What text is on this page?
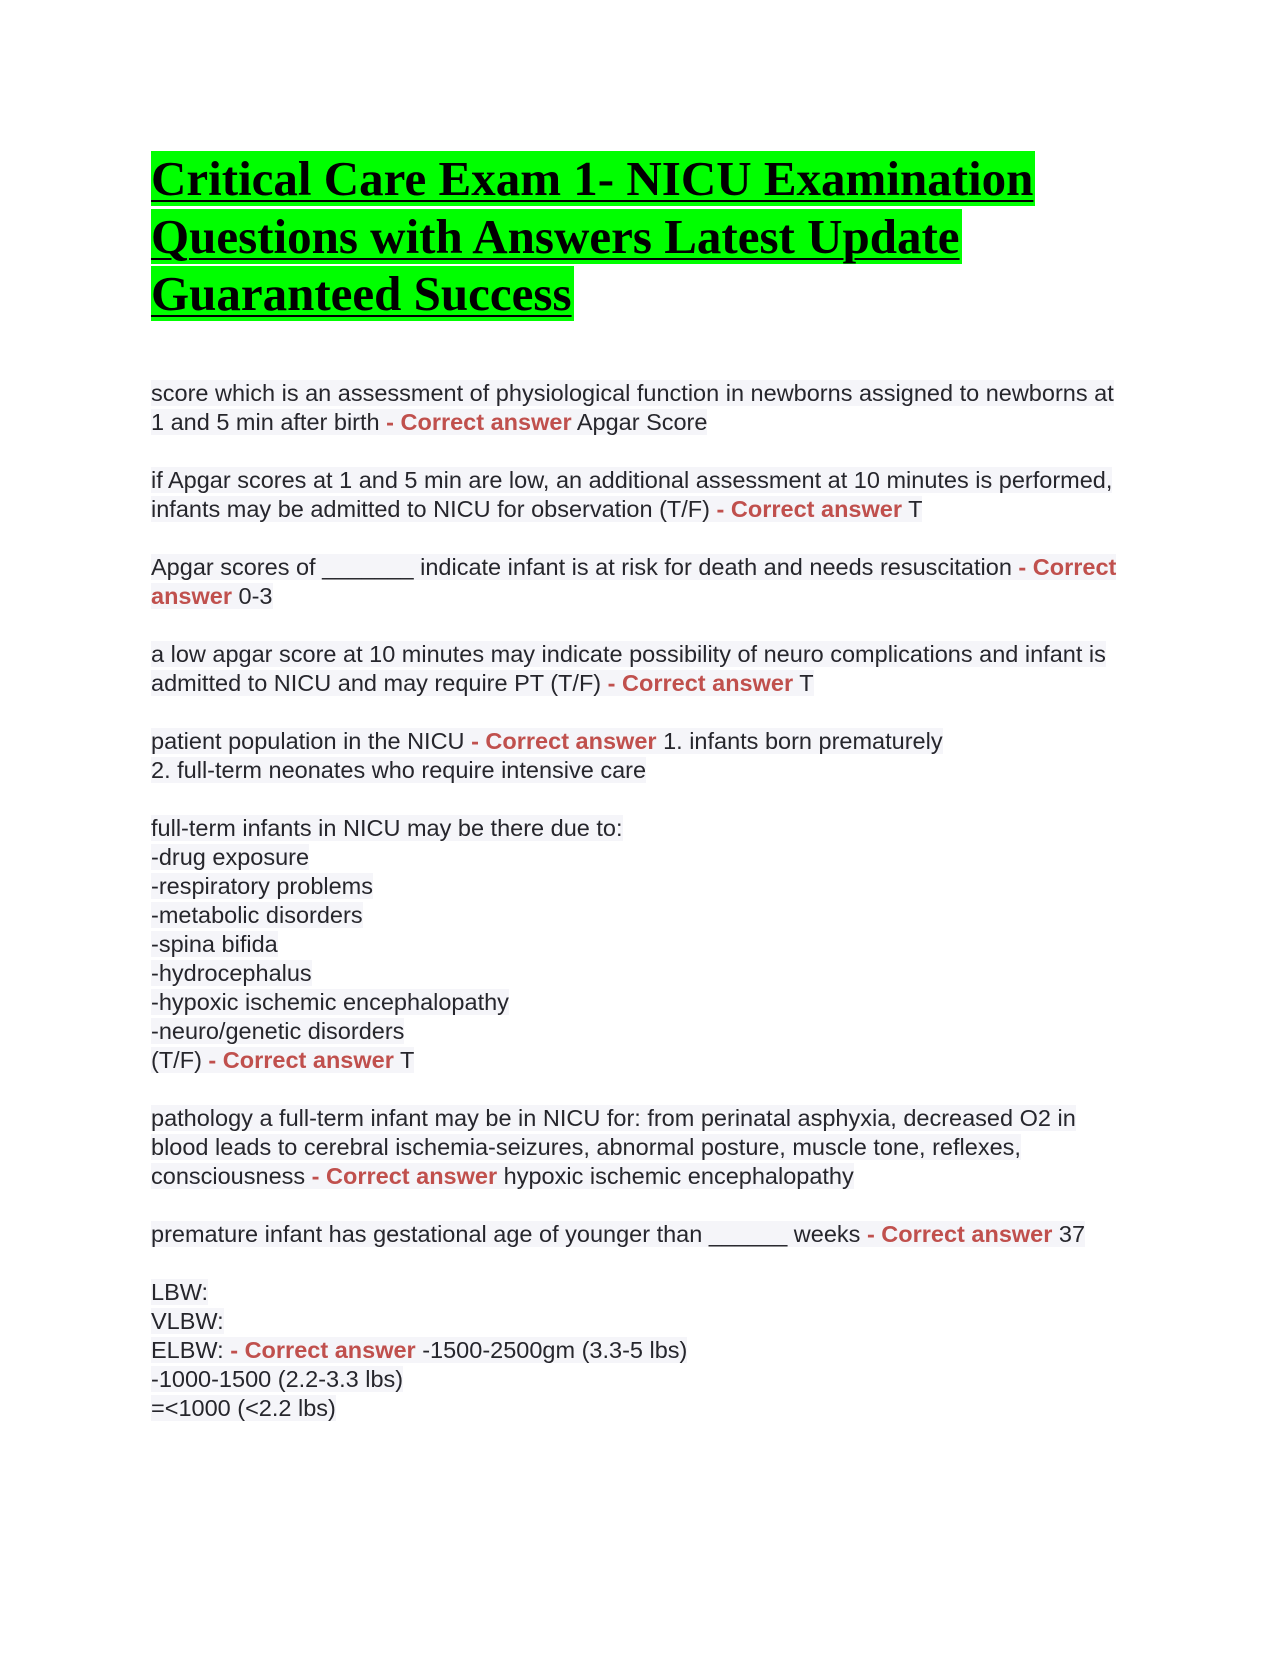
Critical Care Exam 1- NICU Examination Questions with Answers Latest Update Guaranteed Success

score which is an assessment of physiological function in newborns assigned to newborns at 1 and 5 min after birth - Correct answer Apgar Score

if Apgar scores at 1 and 5 min are low, an additional assessment at 10 minutes is performed, infants may be admitted to NICU for observation (T/F) - Correct answer T

Apgar scores of _______ indicate infant is at risk for death and needs resuscitation - Correct answer 0-3

a low apgar score at 10 minutes may indicate possibility of neuro complications and infant is admitted to NICU and may require PT (T/F) - Correct answer T

patient population in the NICU - Correct answer 1. infants born prematurely
2. full-term neonates who require intensive care

full-term infants in NICU may be there due to:
-drug exposure
-respiratory problems
-metabolic disorders
-spina bifida
-hydrocephalus
-hypoxic ischemic encephalopathy
-neuro/genetic disorders
(T/F) - Correct answer T

pathology a full-term infant may be in NICU for: from perinatal asphyxia, decreased O2 in blood leads to cerebral ischemia-seizures, abnormal posture, muscle tone, reflexes, consciousness - Correct answer hypoxic ischemic encephalopathy

premature infant has gestational age of younger than ______ weeks - Correct answer 37

LBW:
VLBW:
ELBW: - Correct answer -1500-2500gm (3.3-5 lbs)
-1000-1500 (2.2-3.3 lbs)
=<1000 (<2.2 lbs)
